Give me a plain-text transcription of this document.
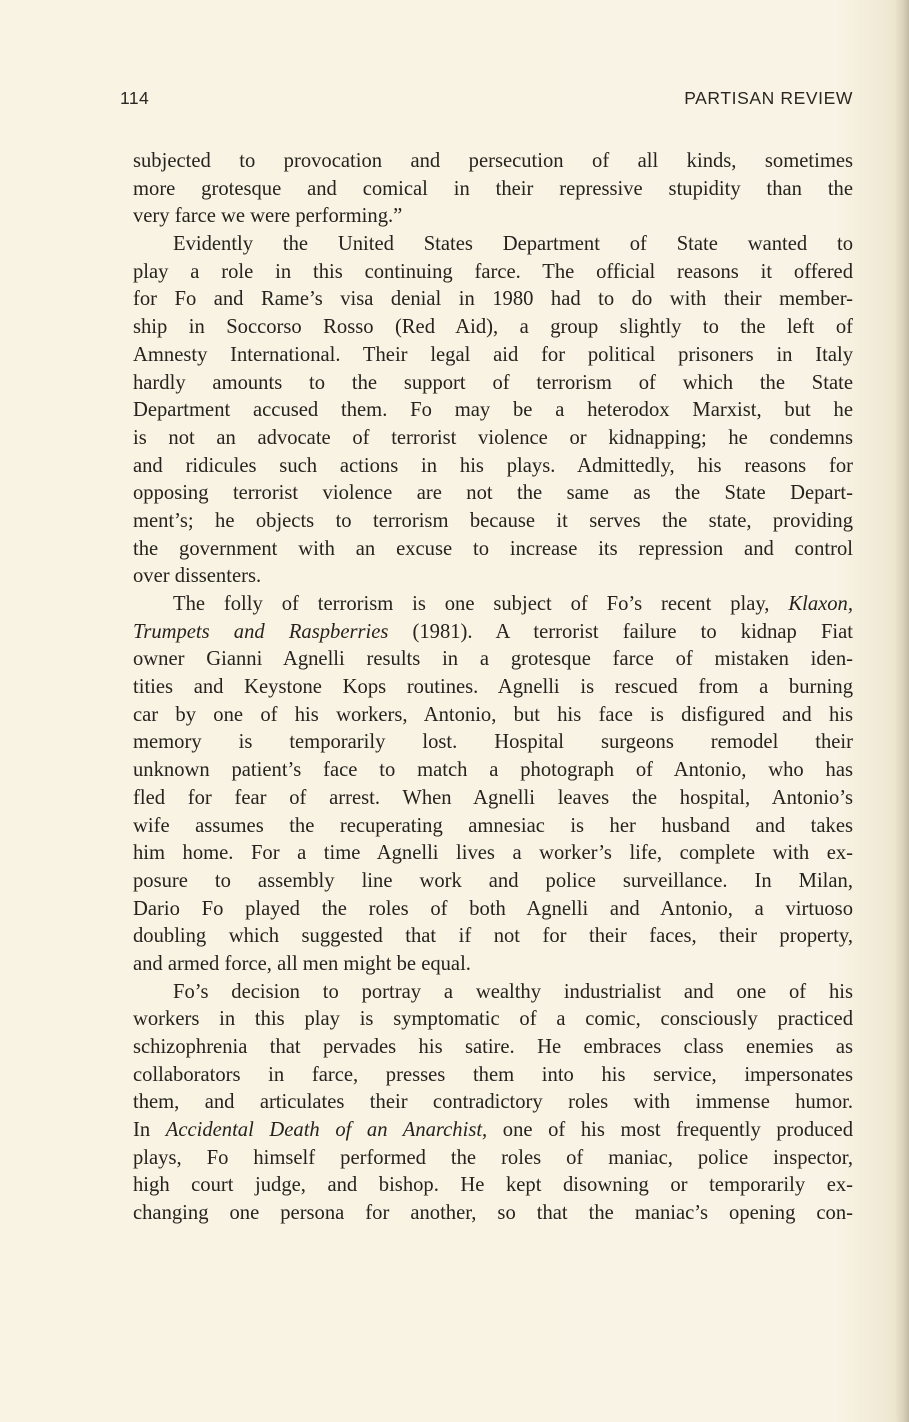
114	PARTISAN REVIEW
subjected to provocation and persecution of all kinds, sometimes
more grotesque and comical in their repressive stupidity than the
very farce we were performing.”
Evidently the United States Department of State wanted to
play a role in this continuing farce. The official reasons it offered
for Fo and Rame’s visa denial in 1980 had to do with their member-
ship in Soccorso Rosso (Red Aid), a group slightly to the left of
Amnesty International. Their legal aid for political prisoners in Italy
hardly amounts to the support of terrorism of which the State
Department accused them. Fo may be a heterodox Marxist, but he
is not an advocate of terrorist violence or kidnapping; he condemns
and ridicules such actions in his plays. Admittedly, his reasons for
opposing terrorist violence are not the same as the State Depart-
ment’s; he objects to terrorism because it serves the state, providing
the government with an excuse to increase its repression and control
over dissenters.
The folly of terrorism is one subject of Fo’s recent play, Klaxon,
Trumpets and Raspberries (1981). A terrorist failure to kidnap Fiat
owner Gianni Agnelli results in a grotesque farce of mistaken iden-
tities and Keystone Kops routines. Agnelli is rescued from a burning
car by one of his workers, Antonio, but his face is disfigured and his
memory is temporarily lost. Hospital surgeons remodel their
unknown patient’s face to match a photograph of Antonio, who has
fled for fear of arrest. When Agnelli leaves the hospital, Antonio’s
wife assumes the recuperating amnesiac is her husband and takes
him home. For a time Agnelli lives a worker’s life, complete with ex-
posure to assembly line work and police surveillance. In Milan,
Dario Fo played the roles of both Agnelli and Antonio, a virtuoso
doubling which suggested that if not for their faces, their property,
and armed force, all men might be equal.
Fo’s decision to portray a wealthy industrialist and one of his
workers in this play is symptomatic of a comic, consciously practiced
schizophrenia that pervades his satire. He embraces class enemies as
collaborators in farce, presses them into his service, impersonates
them, and articulates their contradictory roles with immense humor.
In Accidental Death of an Anarchist, one of his most frequently produced
plays, Fo himself performed the roles of maniac, police inspector,
high court judge, and bishop. He kept disowning or temporarily ex-
changing one persona for another, so that the maniac’s opening con-
